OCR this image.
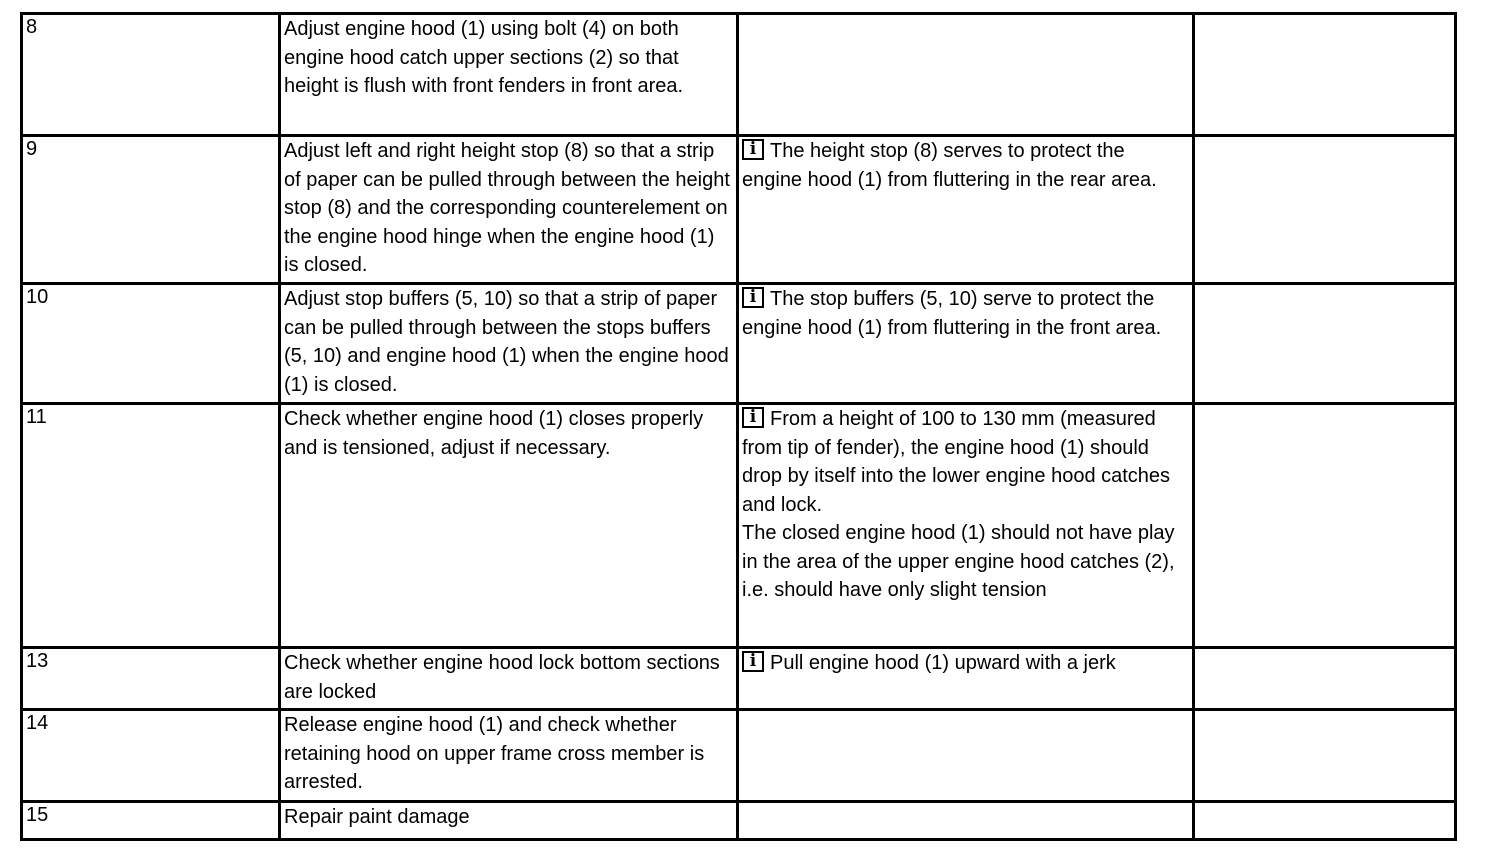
8	Adjust engine hood (1) using bolt (4) on both engine hood catch upper sections (2) so that height is flush with front fenders in front area.		

9	Adjust left and right height stop (8) so that a strip of paper can be pulled through between the height stop (8) and the corresponding counterelement on the engine hood hinge when the engine hood (1) is closed.	i The height stop (8) serves to protect the engine hood (1) from fluttering in the rear area.	

10	Adjust stop buffers (5, 10) so that a strip of paper can be pulled through between the stops buffers (5, 10) and engine hood (1) when the engine hood (1) is closed.	i The stop buffers (5, 10) serve to protect the engine hood (1) from fluttering in the front area.	

11	Check whether engine hood (1) closes properly and is tensioned, adjust if necessary.	i From a height of 100 to 130 mm (measured from tip of fender), the engine hood (1) should drop by itself into the lower engine hood catches and lock.
The closed engine hood (1) should not have play in the area of the upper engine hood catches (2), i.e. should have only slight tension	

13	Check whether engine hood lock bottom sections are locked	i Pull engine hood (1) upward with a jerk	

14	Release engine hood (1) and check whether retaining hood on upper frame cross member is arrested.		

15	Repair paint damage		
